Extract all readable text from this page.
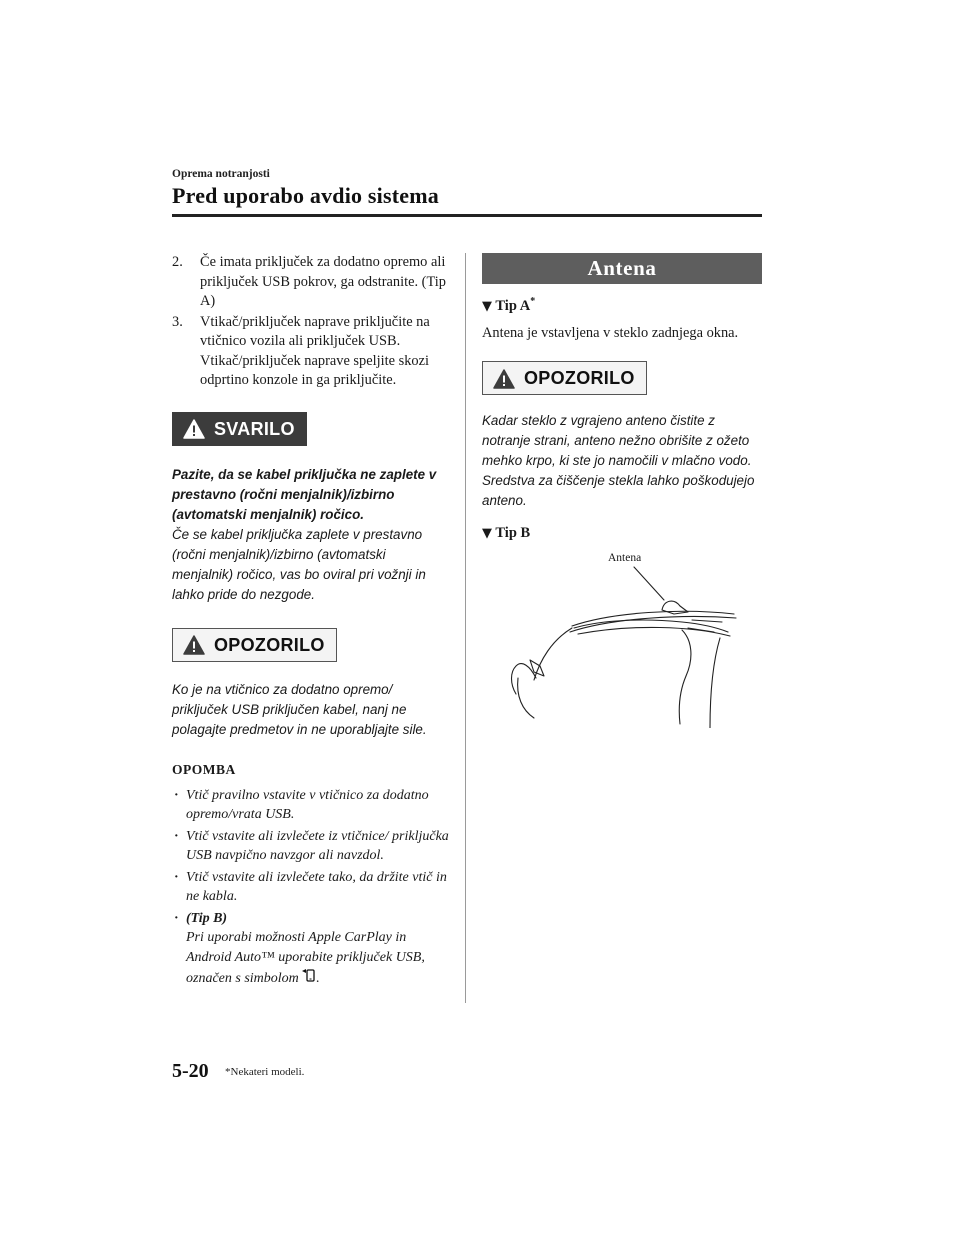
Oprema notranjosti
Pred uporabo avdio sistema
2. Če imata priključek za dodatno opremo ali priključek USB pokrov, ga odstranite. (Tip A)
3. Vtikač/priključek naprave priključite na vtičnico vozila ali priključek USB. Vtikač/priključek naprave speljite skozi odprtino konzole in ga priključite.
SVARILO
Pazite, da se kabel priključka ne zaplete v prestavno (ročni menjalnik)/izbirno (avtomatski menjalnik) ročico.
Če se kabel priključka zaplete v prestavno (ročni menjalnik)/izbirno (avtomatski menjalnik) ročico, vas bo oviral pri vožnji in lahko pride do nezgode.
OPOZORILO
Ko je na vtičnico za dodatno opremo/ priključek USB priključen kabel, nanj ne polagajte predmetov in ne uporabljajte sile.
OPOMBA
· Vtič pravilno vstavite v vtičnico za dodatno opremo/vrata USB.
· Vtič vstavite ali izvlečete iz vtičnice/ priključka USB navpično navzgor ali navzdol.
· Vtič vstavite ali izvlečete tako, da držite vtič in ne kabla.
· (Tip B)
Pri uporabi možnosti Apple CarPlay in Android Auto™ uporabite priključek USB, označen s simbolom .
Antena
▼ Tip A*
Antena je vstavljena v steklo zadnjega okna.
OPOZORILO
Kadar steklo z vgrajeno anteno čistite z notranje strani, anteno nežno obrišite z ožeto mehko krpo, ki ste jo namočili v mlačno vodo. Sredstva za čiščenje stekla lahko poškodujejo anteno.
▼ Tip B
Antena
5-20 *Nekateri modeli.
